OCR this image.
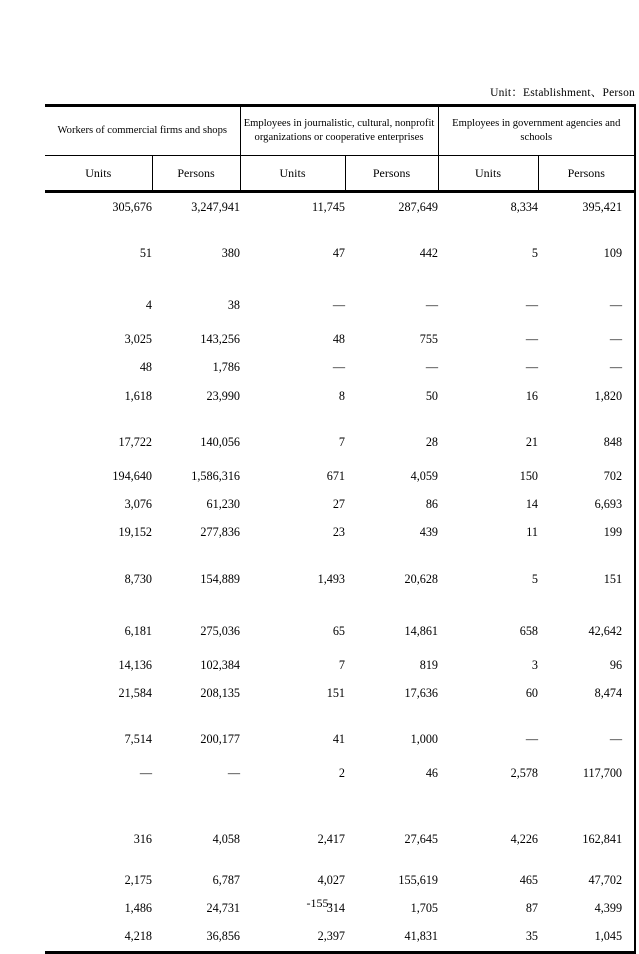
Unit：Establishment、Person
Workers of commercial firms and shops		Employees in journalistic, cultural, nonprofit organizations or cooperative enterprises		Employees in government agencies and schools	
Units	Persons	Units	Persons	Units	Persons
305,676	3,247,941	11,745	287,649	8,334	395,421
51	380	47	442	5	109
4	38	—	—	—	—
3,025	143,256	48	755	—	—
48	1,786	—	—	—	—
1,618	23,990	8	50	16	1,820
17,722	140,056	7	28	21	848
194,640	1,586,316	671	4,059	150	702
3,076	61,230	27	86	14	6,693
19,152	277,836	23	439	11	199
8,730	154,889	1,493	20,628	5	151
6,181	275,036	65	14,861	658	42,642
14,136	102,384	7	819	3	96
21,584	208,135	151	17,636	60	8,474
7,514	200,177	41	1,000	—	—
—	—	2	46	2,578	117,700
316	4,058	2,417	27,645	4,226	162,841
2,175	6,787	4,027	155,619	465	47,702
1,486	24,731	314	1,705	87	4,399
4,218	36,856	2,397	41,831	35	1,045
-155-
